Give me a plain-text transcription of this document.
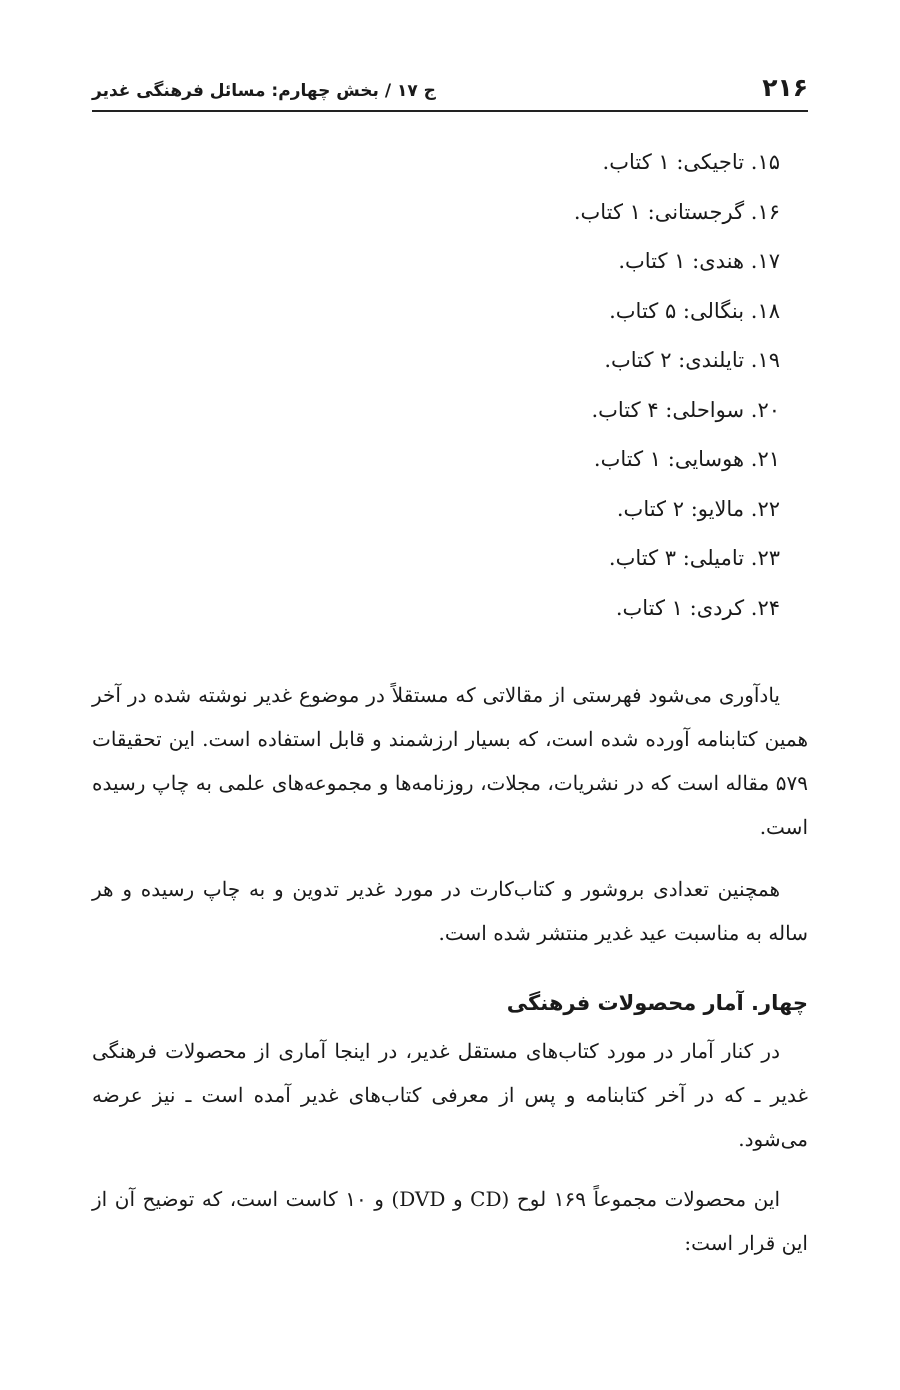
۲۱۶
ج ۱۷ / بخش چهارم: مسائل فرهنگی غدیر
۱۵. تاجیکی: ۱ کتاب.
۱۶. گرجستانی: ۱ کتاب.
۱۷. هندی: ۱ کتاب.
۱۸. بنگالی: ۵ کتاب.
۱۹. تایلندی: ۲ کتاب.
۲۰. سواحلی: ۴ کتاب.
۲۱. هوسایی: ۱ کتاب.
۲۲. مالایو: ۲ کتاب.
۲۳. تامیلی: ۳ کتاب.
۲۴. کردی: ۱ کتاب.

یادآوری می‌شود فهرستی از مقالاتی که مستقلاً در موضوع غدیر نوشته شده در آخر همین کتابنامه آورده شده است، که بسیار ارزشمند و قابل استفاده است. این تحقیقات ۵۷۹ مقاله است که در نشریات، مجلات، روزنامه‌ها و مجموعه‌های علمی به چاپ رسیده است.

همچنین تعدادی بروشور و کتاب‌کارت در مورد غدیر تدوین و به چاپ رسیده و هر ساله به مناسبت عید غدیر منتشر شده است.

چهار. آمار محصولات فرهنگی

در کنار آمار در مورد کتاب‌های مستقل غدیر، در اینجا آماری از محصولات فرهنگی غدیر ـ که در آخر کتابنامه و پس از معرفی کتاب‌های غدیر آمده است ـ نیز عرضه می‌شود.

این محصولات مجموعاً ۱۶۹ لوح (CD و DVD) و ۱۰ کاست است، که توضیح آن از این قرار است:
